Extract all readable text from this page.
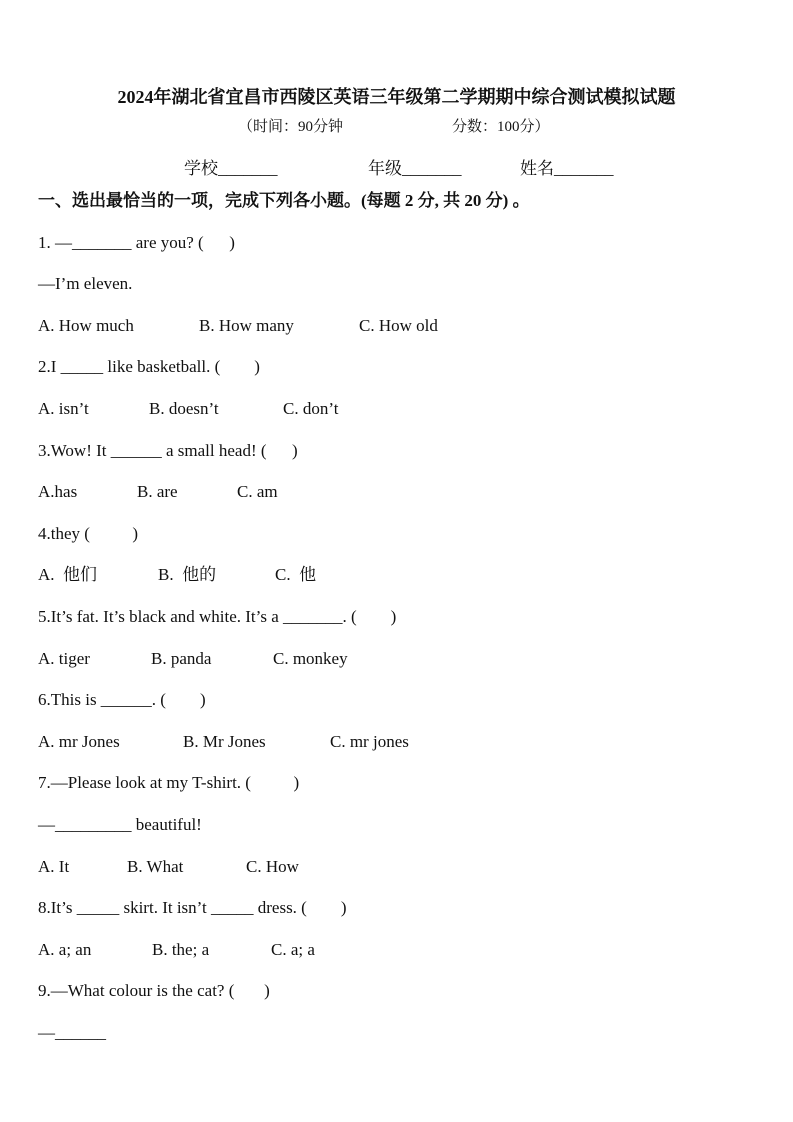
2024年湖北省宜昌市西陵区英语三年级第二学期期中综合测试模拟试题
（时间：90分钟	分数：100分）
学校_______	年级_______	姓名_______
一、选出最恰当的一项，完成下列各小题。(每题 2 分, 共 20 分) 。
1. —_______ are you? (      )
—I’m eleven.
A. How much	B. How many	C. How old
2.I _____ like basketball. (        )
A. isn’t	B. doesn’t	C. don’t
3.Wow! It ______ a small head! (      )
A.has	B. are	C. am
4.they (          )
A.  他们	B.  他的	C.  他
5.It’s fat. It’s black and white. It’s a _______. (        )
A. tiger	B. panda	C. monkey
6.This is ______. (        )
A. mr Jones	B. Mr Jones	C. mr jones
7.—Please look at my T-shirt. (          )
—_________ beautiful!
A. It	B. What	C. How
8.It’s _____ skirt. It isn’t _____ dress. (        )
A. a; an	B. the; a	C. a; a
9.—What colour is the cat? (       )
—______
